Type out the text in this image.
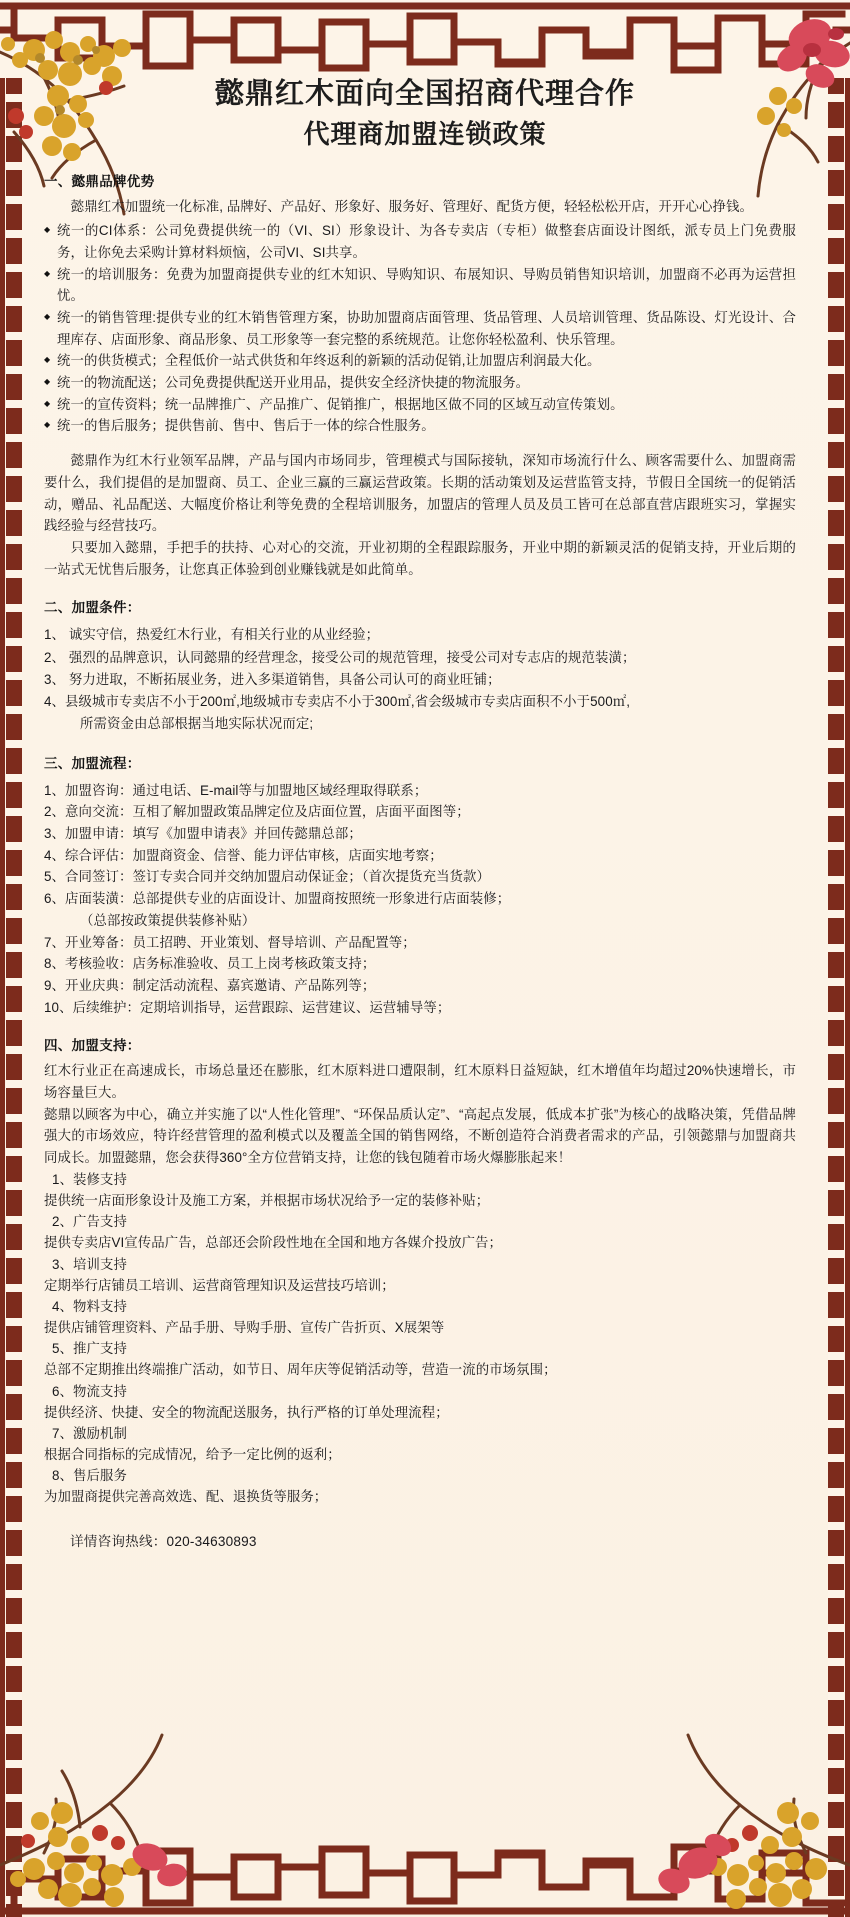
懿鼎红木面向全国招商代理合作
代理商加盟连锁政策
一、懿鼎品牌优势

懿鼎红木加盟统一化标准, 品牌好、产品好、形象好、服务好、管理好、配货方便，轻轻松松开店，开开心心挣钱。

◆ 统一的CI体系：公司免费提供统一的（VI、SI）形象设计、为各专卖店（专柜）做整套店面设计图纸，派专员上门免费服务，让你免去采购计算材料烦恼，公司VI、SI共享。
◆ 统一的培训服务：免费为加盟商提供专业的红木知识、导购知识、布展知识、导购员销售知识培训，加盟商不必再为运营担忧。
◆ 统一的销售管理:提供专业的红木销售管理方案，协助加盟商店面管理、货品管理、人员培训管理、货品陈设、灯光设计、合理库存、店面形象、商品形象、员工形象等一套完整的系统规范。让您你轻松盈利、快乐管理。
◆ 统一的供货模式；全程低价一站式供货和年终返利的新颖的活动促销,让加盟店利润最大化。
◆ 统一的物流配送；公司免费提供配送开业用品，提供安全经济快捷的物流服务。
◆ 统一的宣传资料；统一品牌推广、产品推广、促销推广，根据地区做不同的区域互动宣传策划。
◆ 统一的售后服务；提供售前、售中、售后于一体的综合性服务。

懿鼎作为红木行业领军品牌，产品与国内市场同步，管理模式与国际接轨，深知市场流行什么、顾客需要什么、加盟商需要什么，我们提倡的是加盟商、员工、企业三赢的三赢运营政策。长期的活动策划及运营监管支持，节假日全国统一的促销活动，赠品、礼品配送、大幅度价格让利等免费的全程培训服务，加盟店的管理人员及员工皆可在总部直营店跟班实习，掌握实践经验与经营技巧。

只要加入懿鼎，手把手的扶持、心对心的交流，开业初期的全程跟踪服务，开业中期的新颖灵活的促销支持，开业后期的一站式无忧售后服务，让您真正体验到创业赚钱就是如此简单。

二、加盟条件：
1、 诚实守信，热爱红木行业，有相关行业的从业经验；
2、 强烈的品牌意识，认同懿鼎的经营理念，接受公司的规范管理，接受公司对专志店的规范装潢；
3、 努力进取，不断拓展业务，进入多渠道销售，具备公司认可的商业旺铺；
4、县级城市专卖店不小于200㎡,地级城市专卖店不小于300㎡,省会级城市专卖店面积不小于500㎡,
所需资金由总部根据当地实际状况而定;
三、加盟流程：
1、加盟咨询：通过电话、E-mail等与加盟地区域经理取得联系；
2、意向交流：互相了解加盟政策品牌定位及店面位置，店面平面图等；
3、加盟申请：填写《加盟申请表》并回传懿鼎总部；
4、综合评估：加盟商资金、信誉、能力评估审核，店面实地考察；
5、合同签订：签订专卖合同并交纳加盟启动保证金；（首次提货充当货款）
6、店面装潢：总部提供专业的店面设计、加盟商按照统一形象进行店面装修；
（总部按政策提供装修补贴）
7、开业筹备：员工招聘、开业策划、督导培训、产品配置等；
8、考核验收：店务标准验收、员工上岗考核政策支持；
9、开业庆典：制定活动流程、嘉宾邀请、产品陈列等；
10、后续维护：定期培训指导，运营跟踪、运营建议、运营辅导等；
四、加盟支持：

红木行业正在高速成长，市场总量还在膨胀，红木原料进口遭限制，红木原料日益短缺，红木增值年均超过20%快速增长，市场容量巨大。

懿鼎以顾客为中心，确立并实施了以“人性化管理”、“环保品质认定”、“高起点发展，低成本扩张”为核心的战略决策，凭借品牌强大的市场效应，特许经营管理的盈利模式以及覆盖全国的销售网络，不断创造符合消费者需求的产品，引领懿鼎与加盟商共同成长。加盟懿鼎，您会获得360°全方位营销支持，让您的钱包随着市场火爆膨胀起来！

1、装修支持
提供统一店面形象设计及施工方案，并根据市场状况给予一定的装修补贴；
2、广告支持
提供专卖店VI宣传品广告，总部还会阶段性地在全国和地方各媒介投放广告；
3、培训支持
定期举行店铺员工培训、运营商管理知识及运营技巧培训；
4、物料支持
提供店铺管理资料、产品手册、导购手册、宣传广告折页、X展架等
5、推广支持
总部不定期推出终端推广活动，如节日、周年庆等促销活动等，营造一流的市场氛围；
6、物流支持
提供经济、快捷、安全的物流配送服务，执行严格的订单处理流程；
7、激励机制
根据合同指标的完成情况，给予一定比例的返利；
8、售后服务
为加盟商提供完善高效选、配、退换货等服务；
详情咨询热线：020-34630893
